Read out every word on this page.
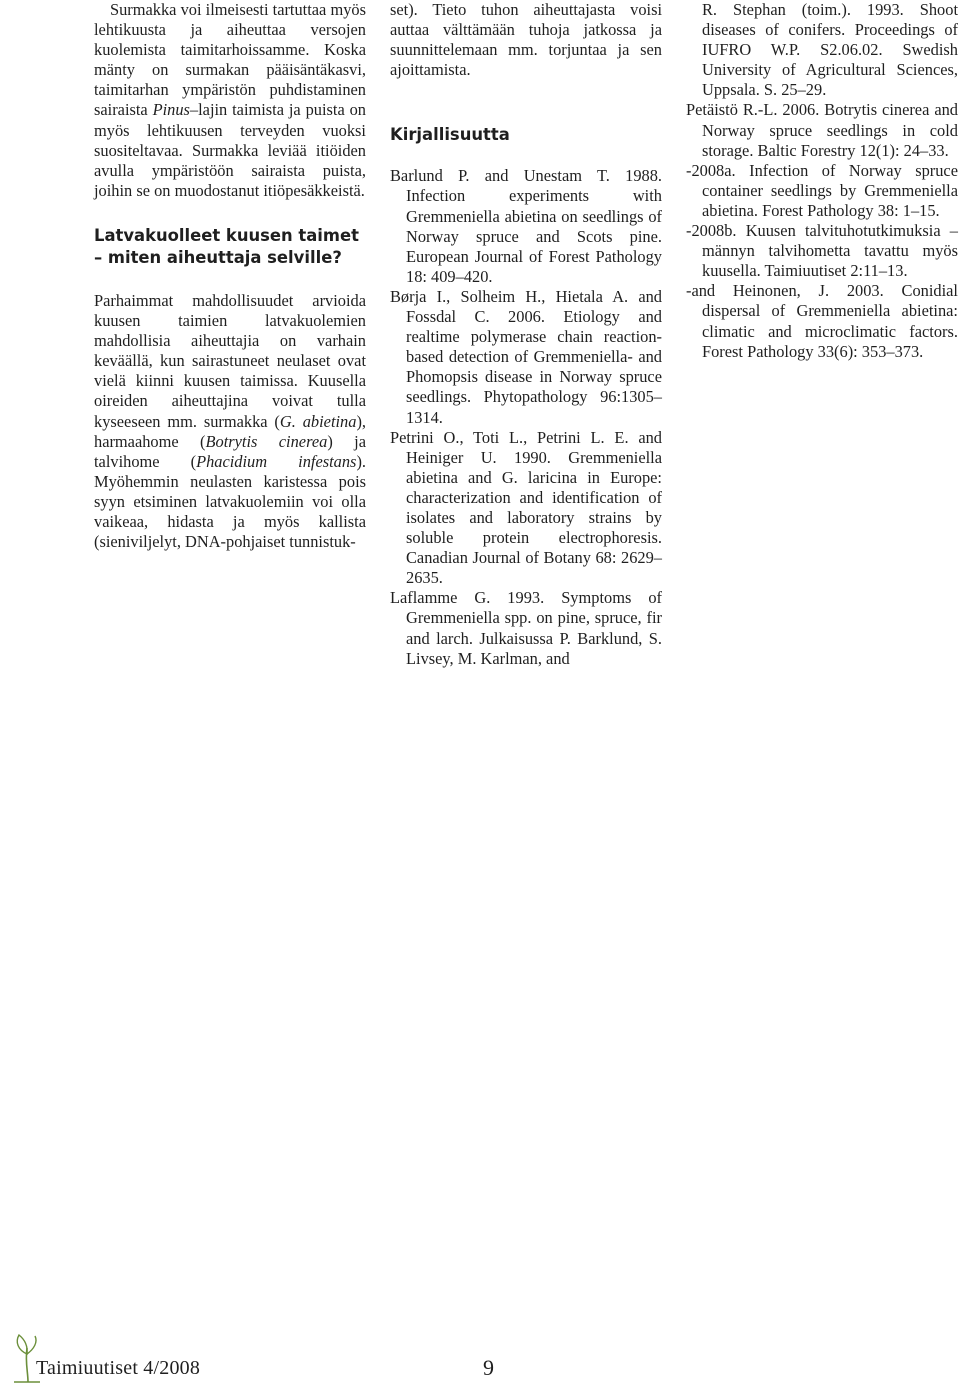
Surmakka voi ilmeisesti tartuttaa myös lehtikuusta ja aiheuttaa versojen kuolemista taimitarhoissamme. Koska mänty on surmakan pääisäntäkasvi, taimitarhan ympäristön puhdistaminen sairaista Pinus–lajin taimista ja puista on myös lehtikuusen terveyden vuoksi suositeltavaa. Surmakka leviää itiöiden avulla ympäristöön sairaista puista, joihin se on muodostanut itiöpesäkkeistä.

Latvakuolleet kuusen taimet – miten aiheuttaja selville?

Parhaimmat mahdollisuudet arvioida kuusen taimien latvakuolemien mahdollisia aiheuttajia on varhain keväällä, kun sairastuneet neulaset ovat vielä kiinni kuusen taimissa. Kuusella oireiden aiheuttajina voivat tulla kyseeseen mm. surmakka (G. abietina), harmaahome (Botrytis cinerea) ja talvihome (Phacidium infestans). Myöhemmin neulasten karistessa pois syyn etsiminen latvakuolemiin voi olla vaikeaa, hidasta ja myös kallista (sieniviljelyt, DNA-pohjaiset tunnistuk-

set). Tieto tuhon aiheuttajasta voisi auttaa välttämään tuhoja jatkossa ja suunnittelemaan mm. torjuntaa ja sen ajoittamista.

Kirjallisuutta

Barlund P. and Unestam T. 1988. Infection experiments with Gremmeniella abietina on seedlings of Norway spruce and Scots pine. European Journal of Forest Pathology 18: 409–420.

Børja I., Solheim H., Hietala A. and Fossdal C. 2006. Etiology and realtime polymerase chain reaction-based detection of Gremmeniella- and Phomopsis disease in Norway spruce seedlings. Phytopathology 96:1305–1314.

Petrini O., Toti L., Petrini L. E. and Heiniger U. 1990. Gremmeniella abietina and G. laricina in Europe: characterization and identification of isolates and laboratory strains by soluble protein electrophoresis. Canadian Journal of Botany 68: 2629–2635.

Laflamme G. 1993. Symptoms of Gremmeniella spp. on pine, spruce, fir and larch. Julkaisussa P. Barklund, S. Livsey, M. Karlman, and

R. Stephan (toim.). 1993. Shoot diseases of conifers. Proceedings of IUFRO W.P. S2.06.02. Swedish University of Agricultural Sciences, Uppsala. S. 25–29.

Petäistö R.-L. 2006. Botrytis cinerea and Norway spruce seedlings in cold storage. Baltic Forestry 12(1): 24–33.

-2008a. Infection of Norway spruce container seedlings by Gremmeniella abietina. Forest Pathology 38: 1–15.

-2008b. Kuusen talvituhotutkimuksia – männyn talvihometta tavattu myös kuusella. Taimiuutiset 2:11–13.

-and Heinonen, J. 2003. Conidial dispersal of Gremmeniella abietina: climatic and microclimatic factors. Forest Pathology 33(6): 353–373.

Taimiuutiset 4/2008	9
